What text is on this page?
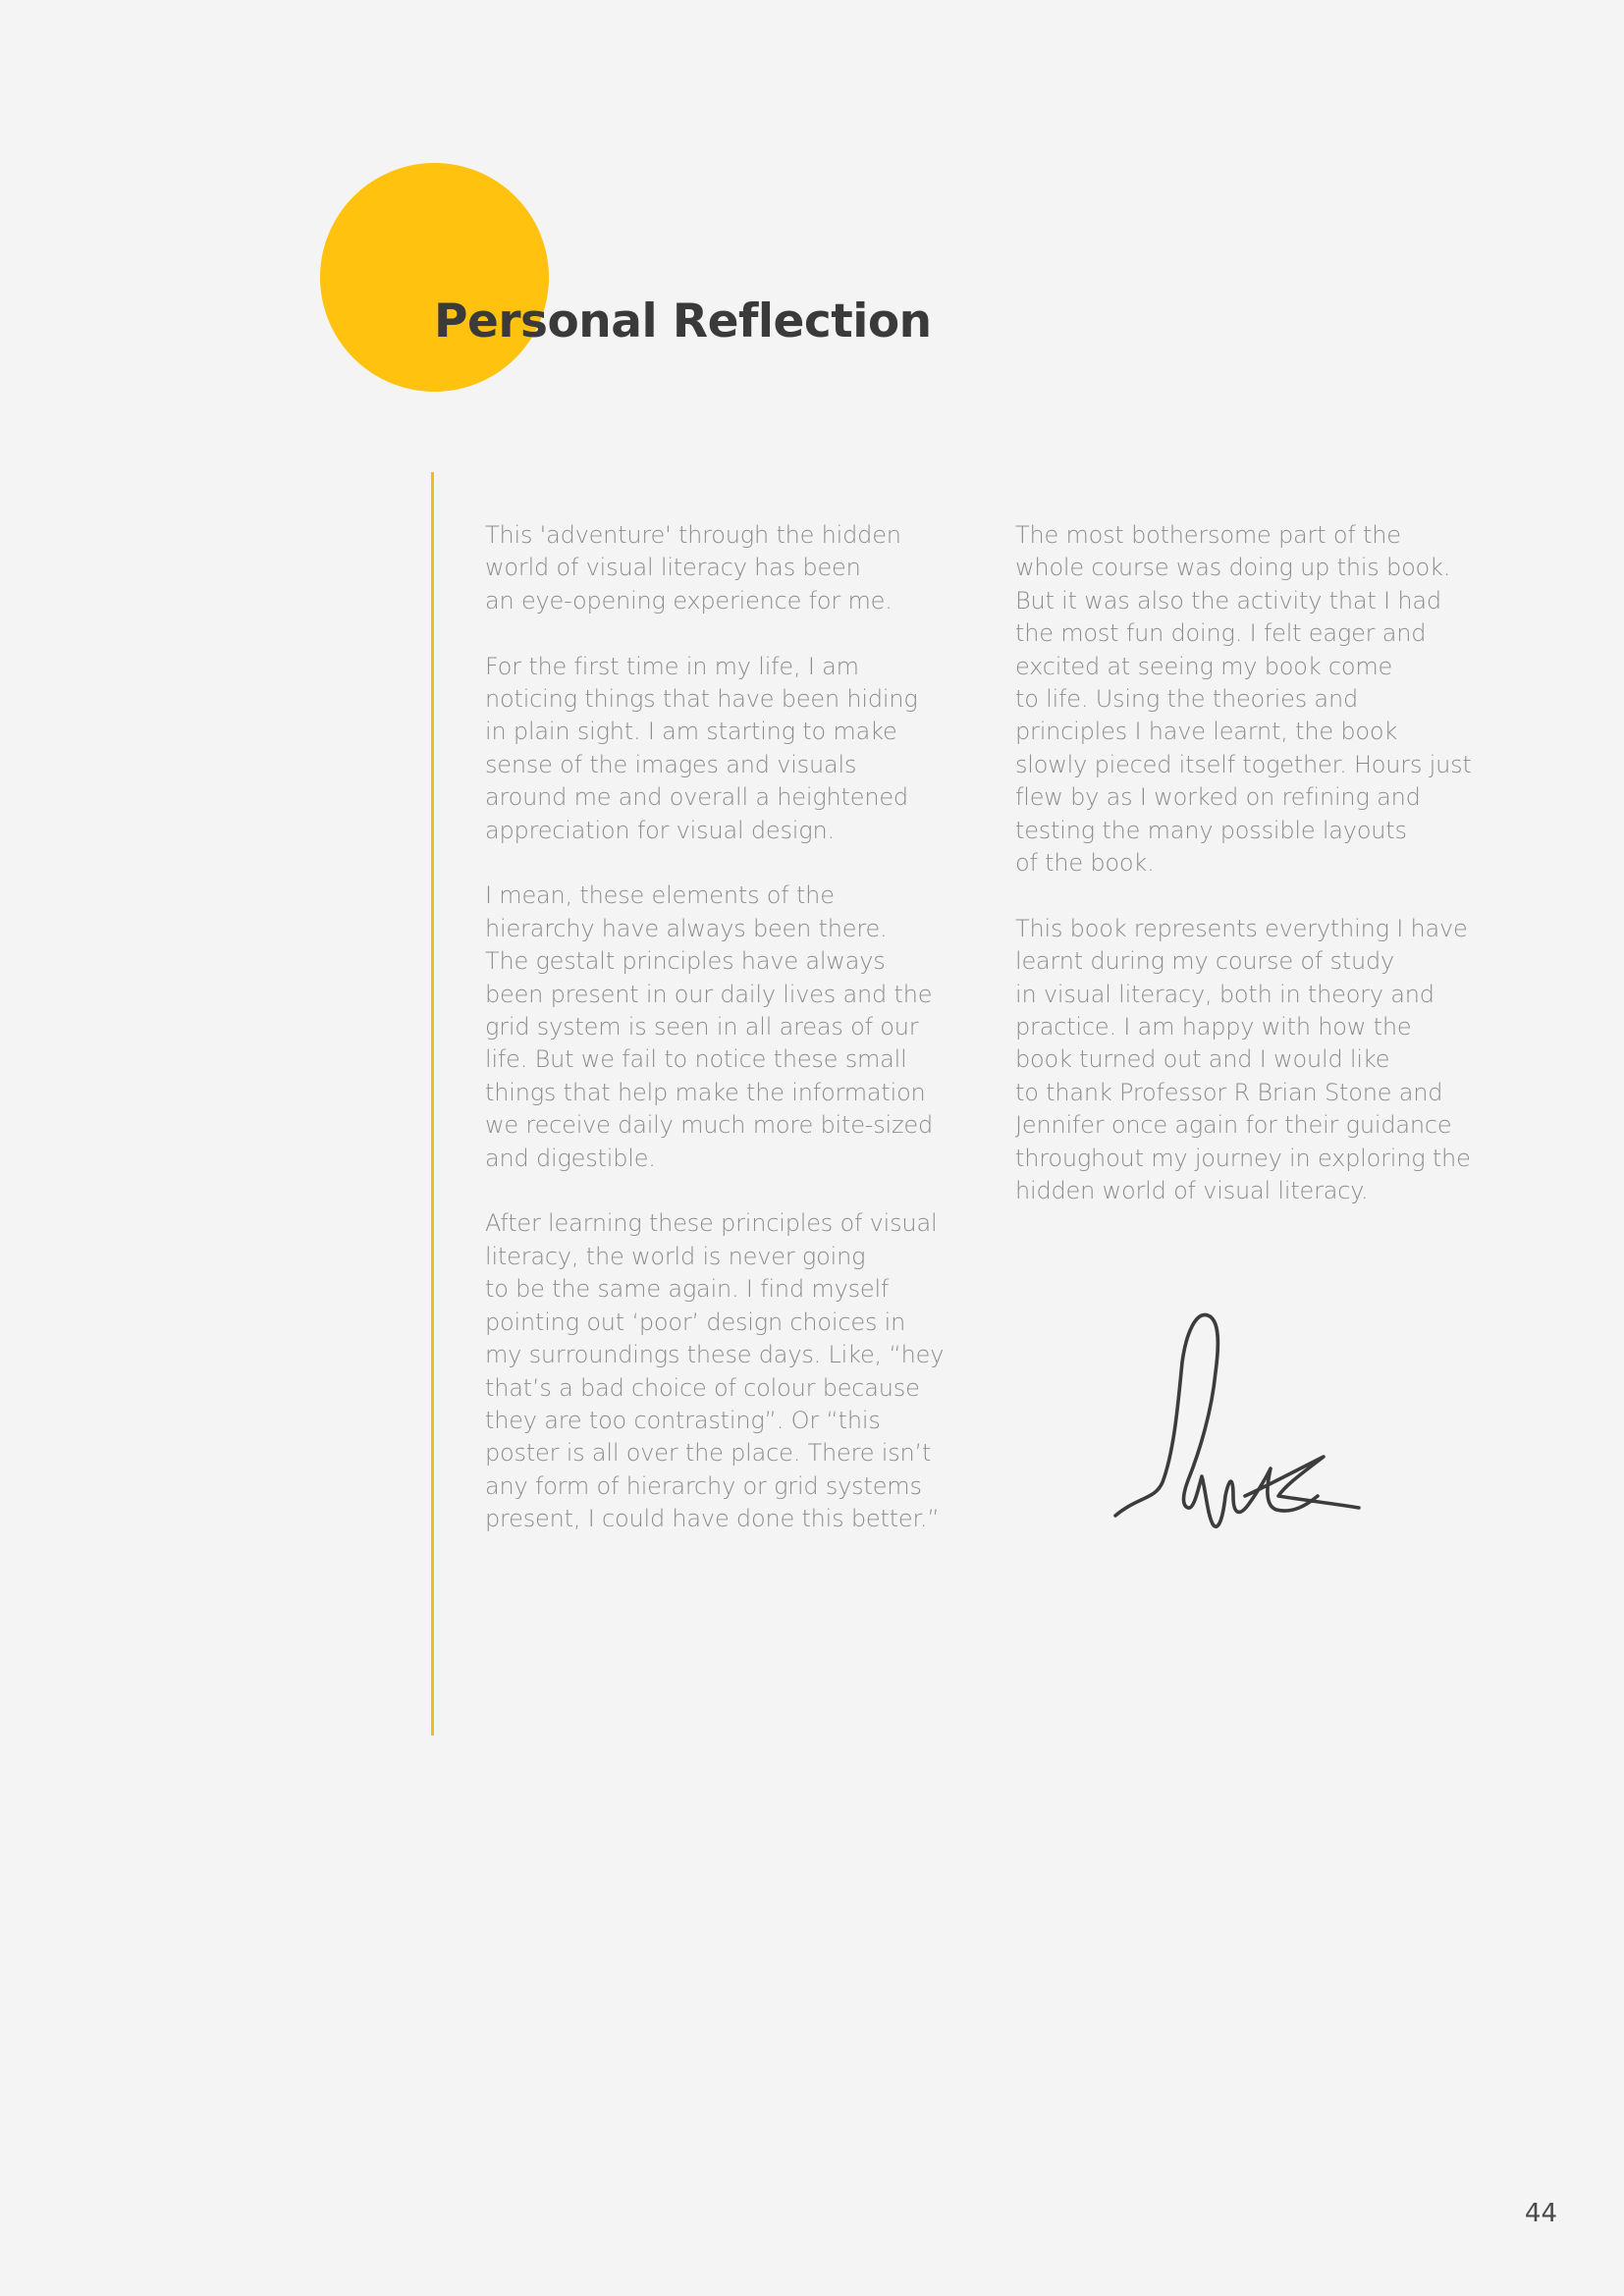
Personal Reflection

This 'adventure' through the hidden
world of visual literacy has been
an eye-opening experience for me.

For the first time in my life, I am
noticing things that have been hiding
in plain sight. I am starting to make
sense of the images and visuals
around me and overall a heightened
appreciation for visual design.

I mean, these elements of the
hierarchy have always been there.
The gestalt principles have always
been present in our daily lives and the
grid system is seen in all areas of our
life. But we fail to notice these small
things that help make the information
we receive daily much more bite-sized
and digestible.

After learning these principles of visual
literacy, the world is never going
to be the same again. I find myself
pointing out ‘poor’ design choices in
my surroundings these days. Like, “hey
that’s a bad choice of colour because
they are too contrasting”. Or “this
poster is all over the place. There isn’t
any form of hierarchy or grid systems
present, I could have done this better.”

The most bothersome part of the
whole course was doing up this book.
But it was also the activity that I had
the most fun doing. I felt eager and
excited at seeing my book come
to life. Using the theories and
principles I have learnt, the book
slowly pieced itself together. Hours just
flew by as I worked on refining and
testing the many possible layouts
of the book.

This book represents everything I have
learnt during my course of study
in visual literacy, both in theory and
practice. I am happy with how the
book turned out and I would like
to thank Professor R Brian Stone and
Jennifer once again for their guidance
throughout my journey in exploring the
hidden world of visual literacy.

44
